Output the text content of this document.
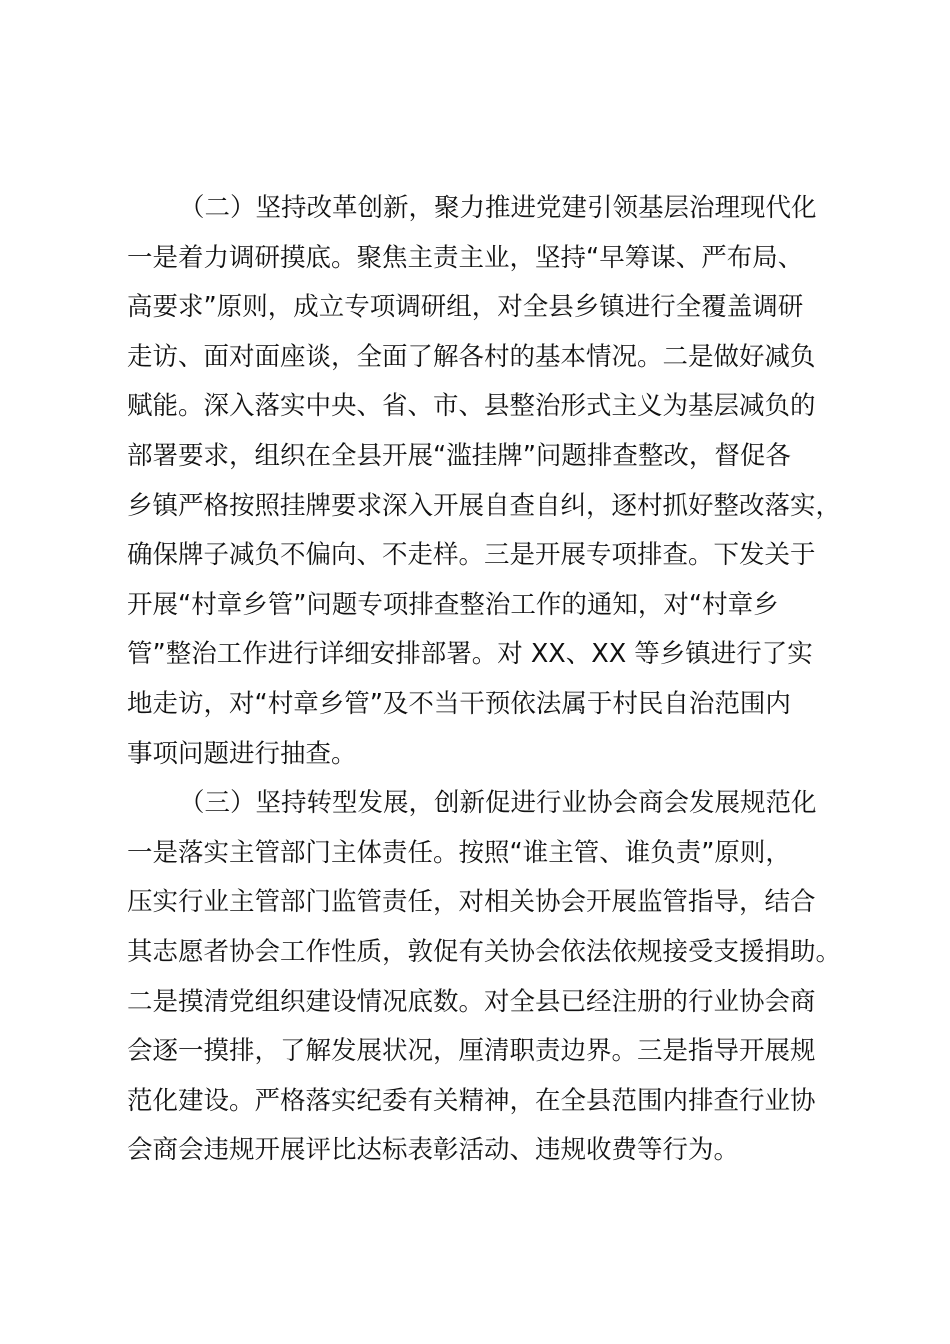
（二）坚持改革创新，聚力推进党建引领基层治理现代化
一是着力调研摸底。聚焦主责主业，坚持“早筹谋、严布局、
高要求”原则，成立专项调研组，对全县乡镇进行全覆盖调研
走访、面对面座谈，全面了解各村的基本情况。二是做好减负
赋能。深入落实中央、省、市、县整治形式主义为基层减负的
部署要求，组织在全县开展“滥挂牌”问题排查整改，督促各
乡镇严格按照挂牌要求深入开展自查自纠，逐村抓好整改落实，
确保牌子减负不偏向、不走样。三是开展专项排查。下发关于
开展“村章乡管”问题专项排查整治工作的通知，对“村章乡
管”整治工作进行详细安排部署。对 XX、XX 等乡镇进行了实
地走访，对“村章乡管”及不当干预依法属于村民自治范围内
事项问题进行抽查。
（三）坚持转型发展，创新促进行业协会商会发展规范化
一是落实主管部门主体责任。按照“谁主管、谁负责”原则，
压实行业主管部门监管责任，对相关协会开展监管指导，结合
其志愿者协会工作性质，敦促有关协会依法依规接受支援捐助。
二是摸清党组织建设情况底数。对全县已经注册的行业协会商
会逐一摸排，了解发展状况，厘清职责边界。三是指导开展规
范化建设。严格落实纪委有关精神，在全县范围内排查行业协
会商会违规开展评比达标表彰活动、违规收费等行为。
